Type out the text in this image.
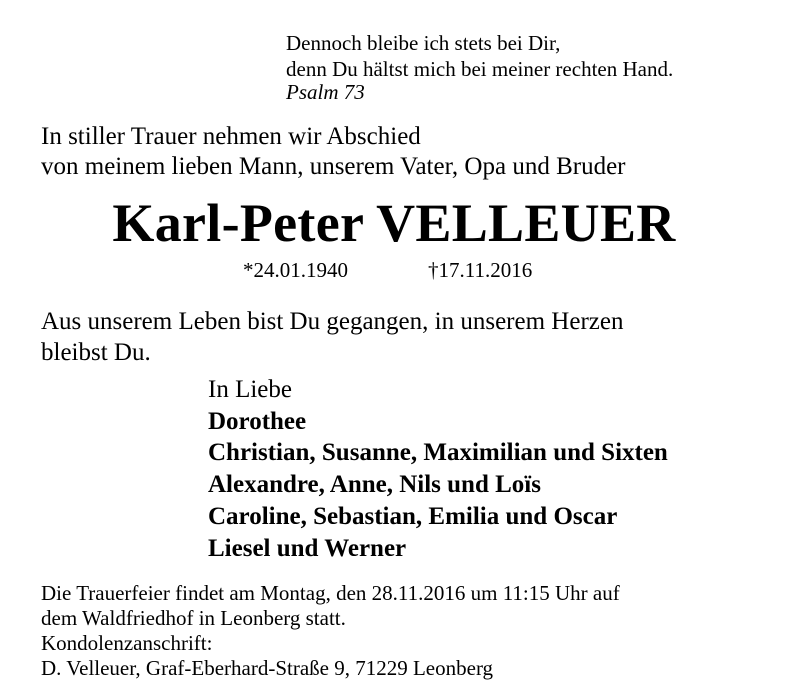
Dennoch bleibe ich stets bei Dir,
denn Du hältst mich bei meiner rechten Hand.
Psalm 73
In stiller Trauer nehmen wir Abschied
von meinem lieben Mann, unserem Vater, Opa und Bruder
Karl-Peter VELLEUER
*24.01.1940	†17.11.2016
Aus unserem Leben bist Du gegangen, in unserem Herzen
bleibst Du.
In Liebe
Dorothee
Christian, Susanne, Maximilian und Sixten
Alexandre, Anne, Nils und Loïs
Caroline, Sebastian, Emilia und Oscar
Liesel und Werner
Die Trauerfeier findet am Montag, den 28.11.2016 um 11:15 Uhr auf
dem Waldfriedhof in Leonberg statt.
Kondolenzanschrift:
D. Velleuer, Graf-Eberhard-Straße 9, 71229 Leonberg
